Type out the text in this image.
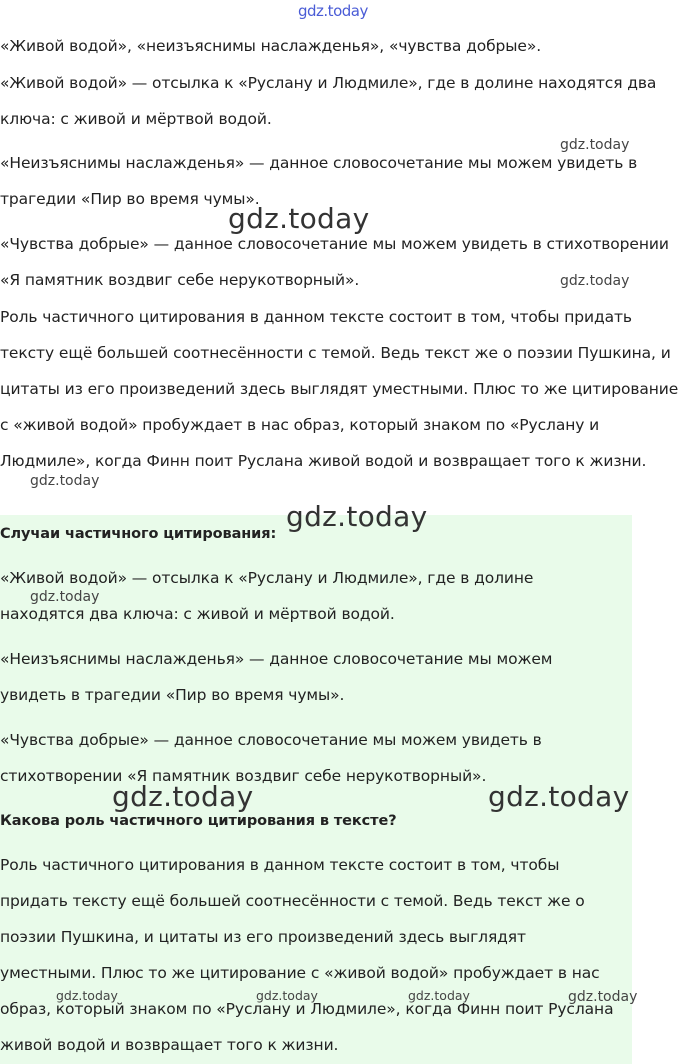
gdz.today

«Живой водой», «неизъяснимы наслажденья», «чувства добрые».

«Живой водой» — отсылка к «Руслану и Людмиле», где в долине находятся два ключа: с живой и мёртвой водой.

«Неизъяснимы наслажденья» — данное словосочетание мы можем увидеть в трагедии «Пир во время чумы».

«Чувства добрые» — данное словосочетание мы можем увидеть в стихотворении «Я памятник воздвиг себе нерукотворный».

Роль частичного цитирования в данном тексте состоит в том, чтобы придать тексту ещё большей соотнесённости с темой. Ведь текст же о поэзии Пушкина, и цитаты из его произведений здесь выглядят уместными. Плюс то же цитирование с «живой водой» пробуждает в нас образ, который знаком по «Руслану и Людмиле», когда Финн поит Руслана живой водой и возвращает того к жизни.

Случаи частичного цитирования:

«Живой водой» — отсылка к «Руслану и Людмиле», где в долине находятся два ключа: с живой и мёртвой водой.

«Неизъяснимы наслажденья» — данное словосочетание мы можем увидеть в трагедии «Пир во время чумы».

«Чувства добрые» — данное словосочетание мы можем увидеть в стихотворении «Я памятник воздвиг себе нерукотворный».

Какова роль частичного цитирования в тексте?

Роль частичного цитирования в данном тексте состоит в том, чтобы придать тексту ещё большей соотнесённости с темой. Ведь текст же о поэзии Пушкина, и цитаты из его произведений здесь выглядят уместными. Плюс то же цитирование с «живой водой» пробуждает в нас образ, который знаком по «Руслану и Людмиле», когда Финн поит Руслана живой водой и возвращает того к жизни.

gdz.today
gdz.today
gdz.today
gdz.today
gdz.today
gdz.today
gdz.today	gdz.today
gdz.today	gdz.today	gdz.today	gdz.today
